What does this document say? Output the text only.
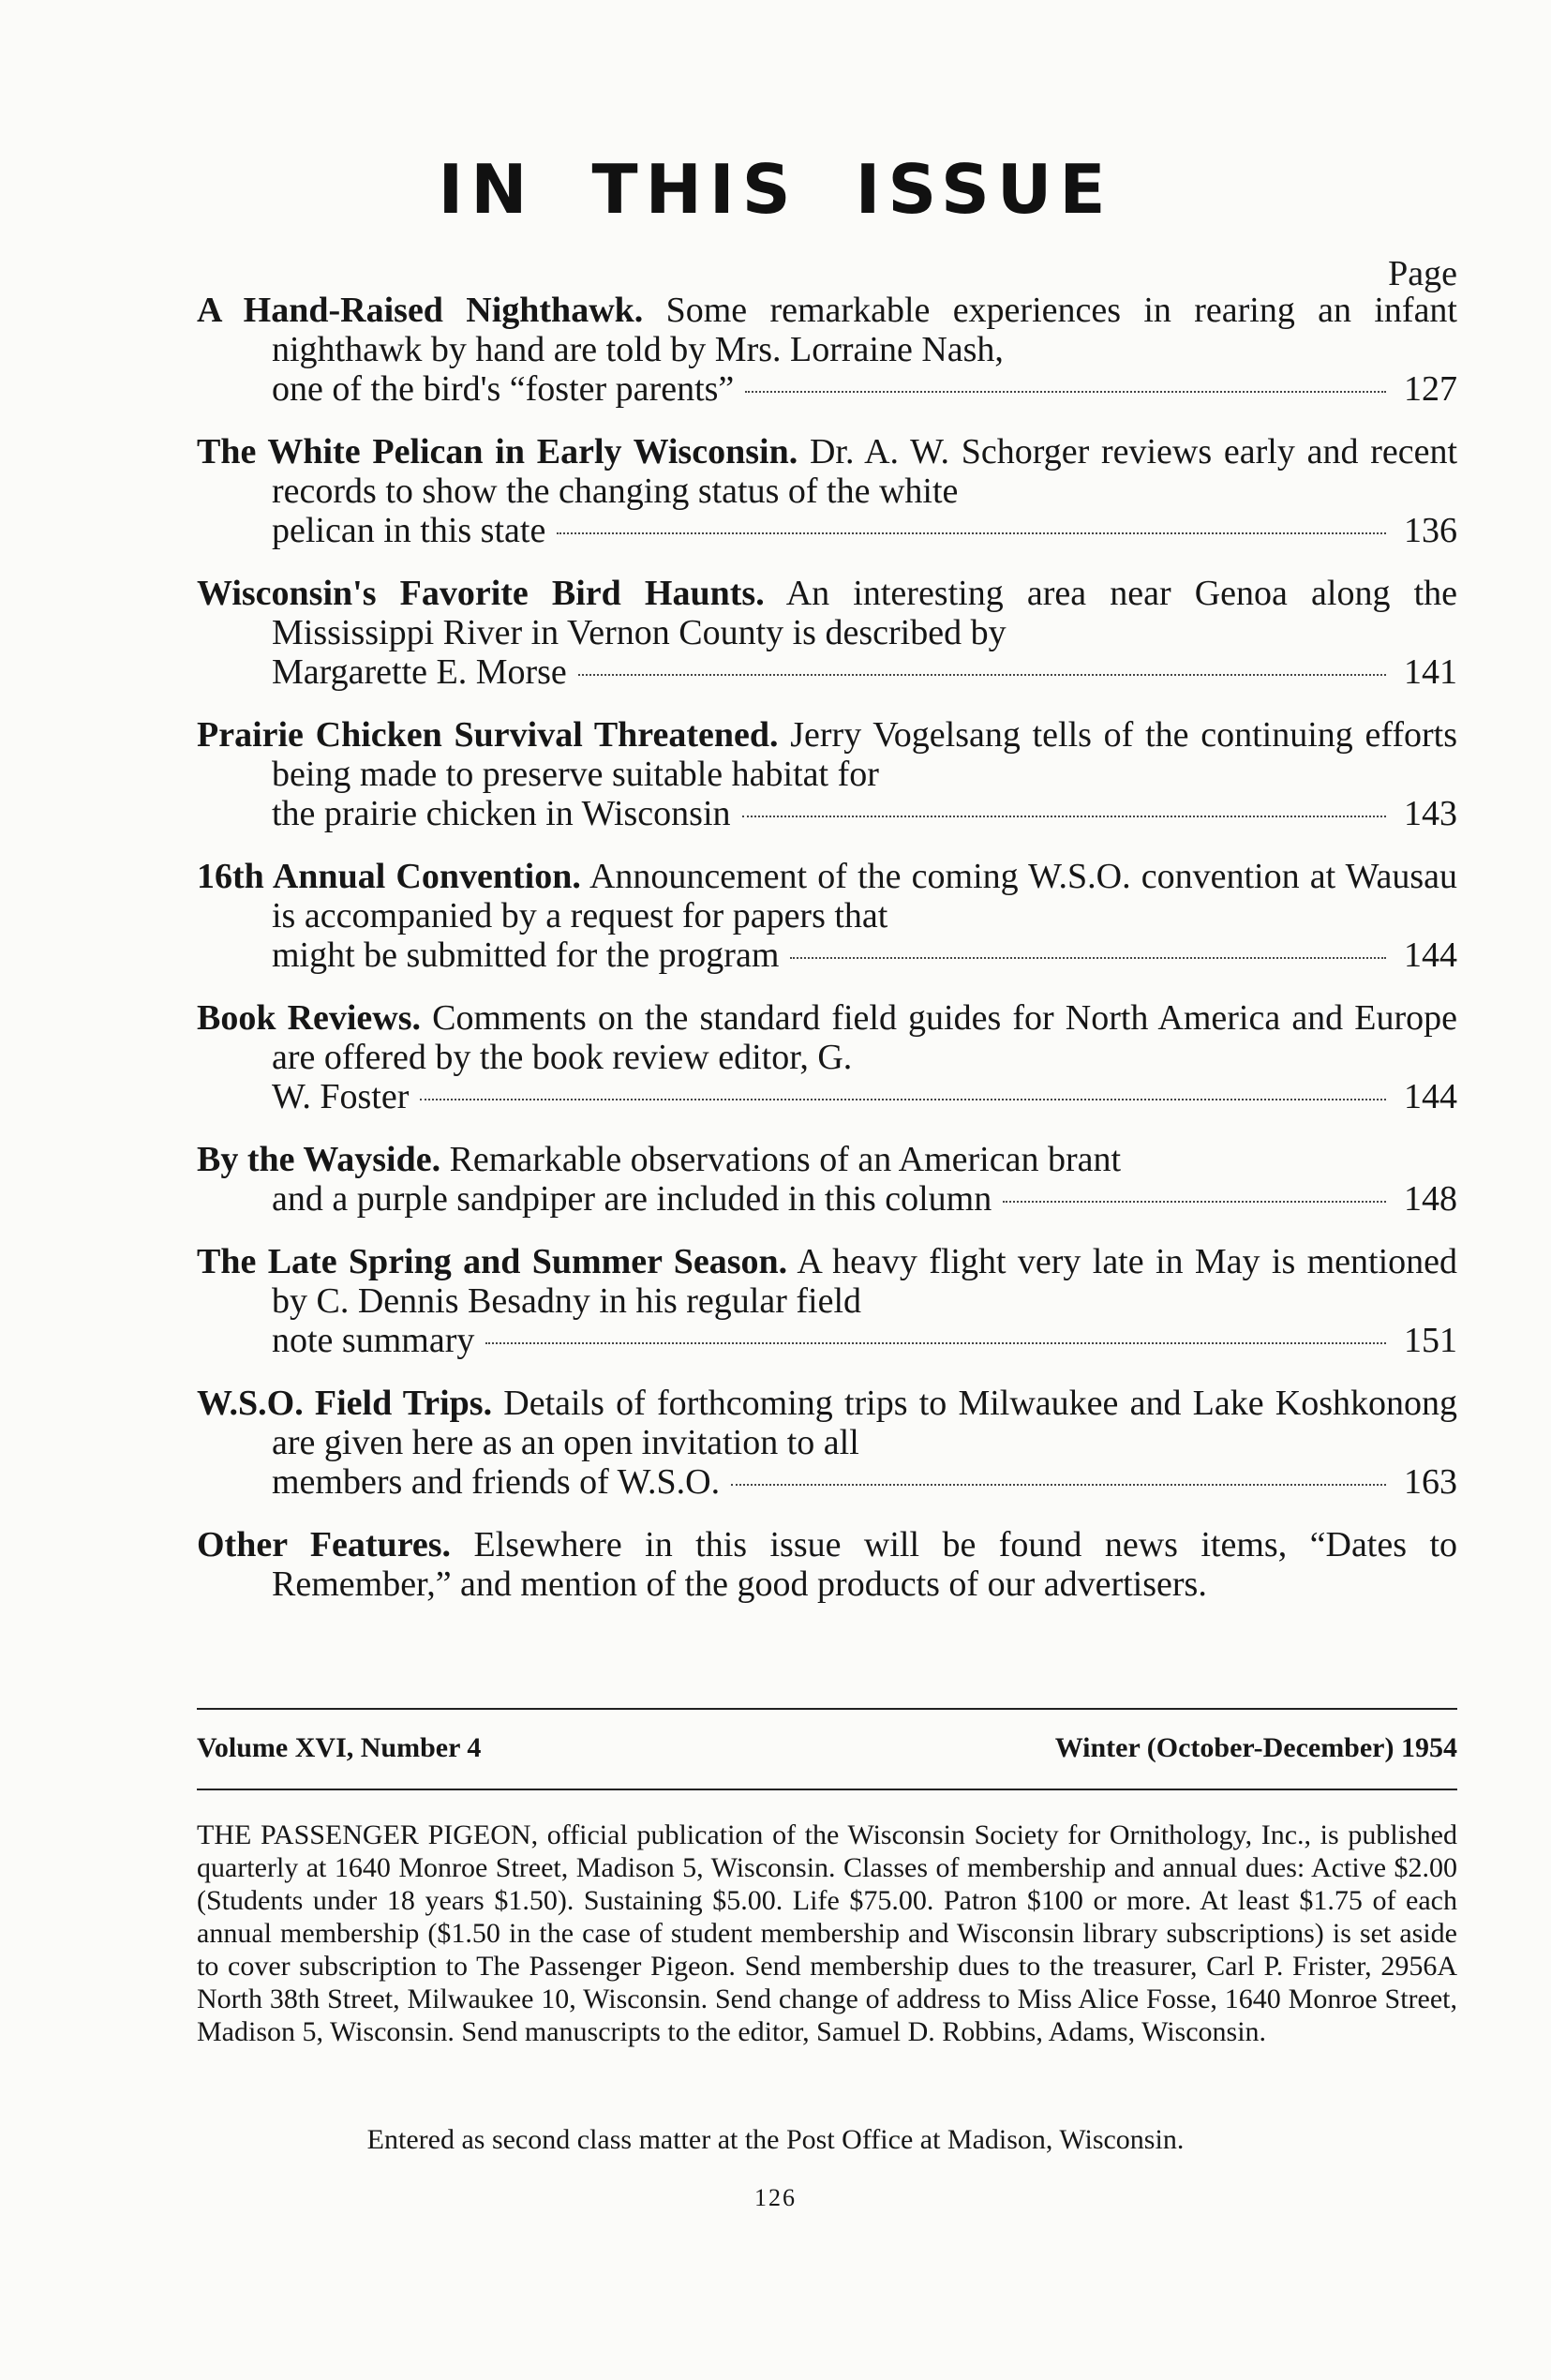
IN THIS ISSUE
Page

A Hand-Raised Nighthawk. Some remarkable experiences in rearing an infant nighthawk by hand are told by Mrs. Lorraine Nash,

one of the bird's “foster parents”	127

The White Pelican in Early Wisconsin. Dr. A. W. Schorger reviews early and recent records to show the changing status of the white

pelican in this state	136

Wisconsin's Favorite Bird Haunts. An interesting area near Genoa along the Mississippi River in Vernon County is described by

Margarette E. Morse	141

Prairie Chicken Survival Threatened. Jerry Vogelsang tells of the continuing efforts being made to preserve suitable habitat for

the prairie chicken in Wisconsin	143

16th Annual Convention. Announcement of the coming W.S.O. convention at Wausau is accompanied by a request for papers that

might be submitted for the program	144

Book Reviews. Comments on the standard field guides for North America and Europe are offered by the book review editor, G.

W. Foster	144

By the Wayside. Remarkable observations of an American brant

and a purple sandpiper are included in this column	148

The Late Spring and Summer Season. A heavy flight very late in May is mentioned by C. Dennis Besadny in his regular field

note summary	151

W.S.O. Field Trips. Details of forthcoming trips to Milwaukee and Lake Koshkonong are given here as an open invitation to all

members and friends of W.S.O.	163

Other Features. Elsewhere in this issue will be found news items, “Dates to Remember,” and mention of the good products of our advertisers.

Volume XVI, Number 4	Winter (October-December) 1954
THE PASSENGER PIGEON, official publication of the Wisconsin Society for Ornithology, Inc., is published quarterly at 1640 Monroe Street, Madison 5, Wisconsin. Classes of membership and annual dues: Active $2.00 (Students under 18 years $1.50). Sustaining $5.00. Life $75.00. Patron $100 or more. At least $1.75 of each annual membership ($1.50 in the case of student membership and Wisconsin library subscriptions) is set aside to cover subscription to The Passenger Pigeon. Send membership dues to the treasurer, Carl P. Frister, 2956A North 38th Street, Milwaukee 10, Wisconsin. Send change of address to Miss Alice Fosse, 1640 Monroe Street, Madison 5, Wisconsin. Send manuscripts to the editor, Samuel D. Robbins, Adams, Wisconsin.
Entered as second class matter at the Post Office at Madison, Wisconsin.
126
